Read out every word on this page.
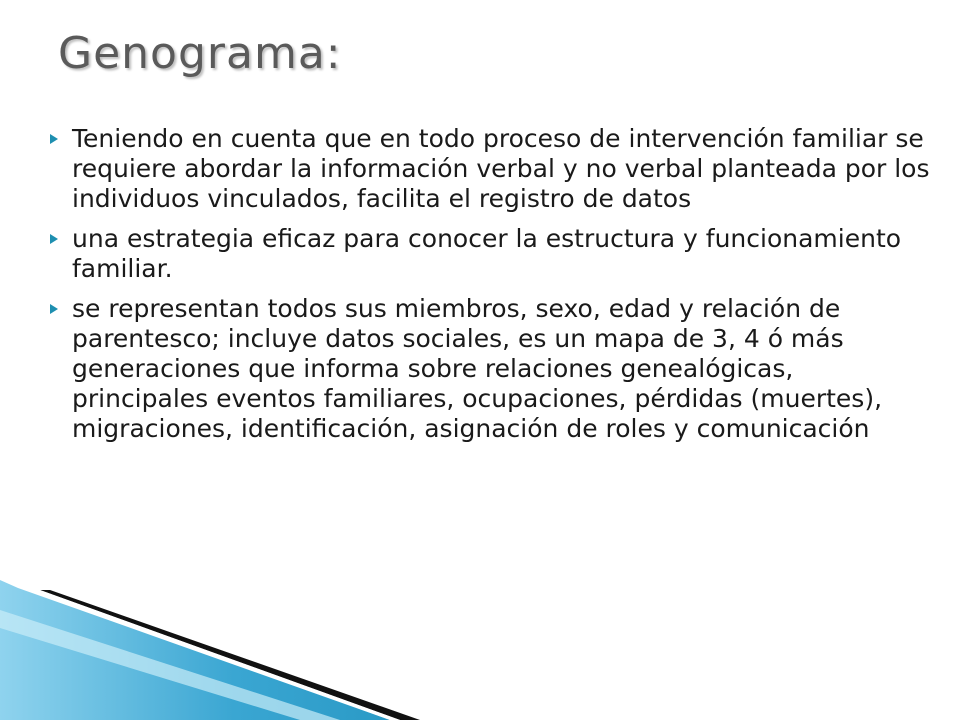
Genograma:
Teniendo en cuenta que en todo proceso de intervención familiar se requiere abordar la información verbal y no verbal planteada por los individuos vinculados, facilita el registro de datos
una estrategia eficaz para conocer la estructura y funcionamiento familiar.
se representan todos sus miembros, sexo, edad y relación de parentesco; incluye datos sociales, es un mapa de 3, 4 ó más generaciones que informa sobre relaciones genealógicas, principales eventos familiares, ocupaciones, pérdidas (muertes), migraciones, identificación, asignación de roles y comunicación
